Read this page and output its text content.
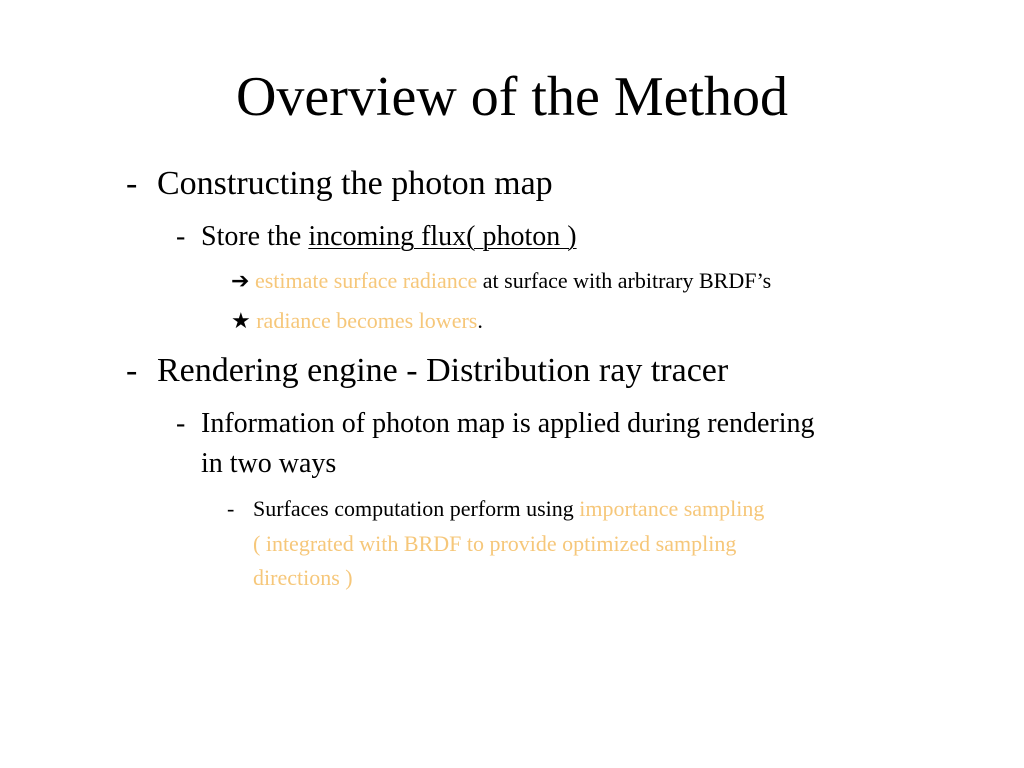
Overview of the Method
- Constructing the photon map
- Store the incoming flux( photon )
➔ estimate surface radiance at surface with arbitrary BRDF’s
★ radiance becomes lowers.
- Rendering engine - Distribution ray tracer
- Information of photon map is applied during rendering
in two ways
- Surfaces computation perform using importance sampling
( integrated with BRDF to provide optimized sampling
directions )
